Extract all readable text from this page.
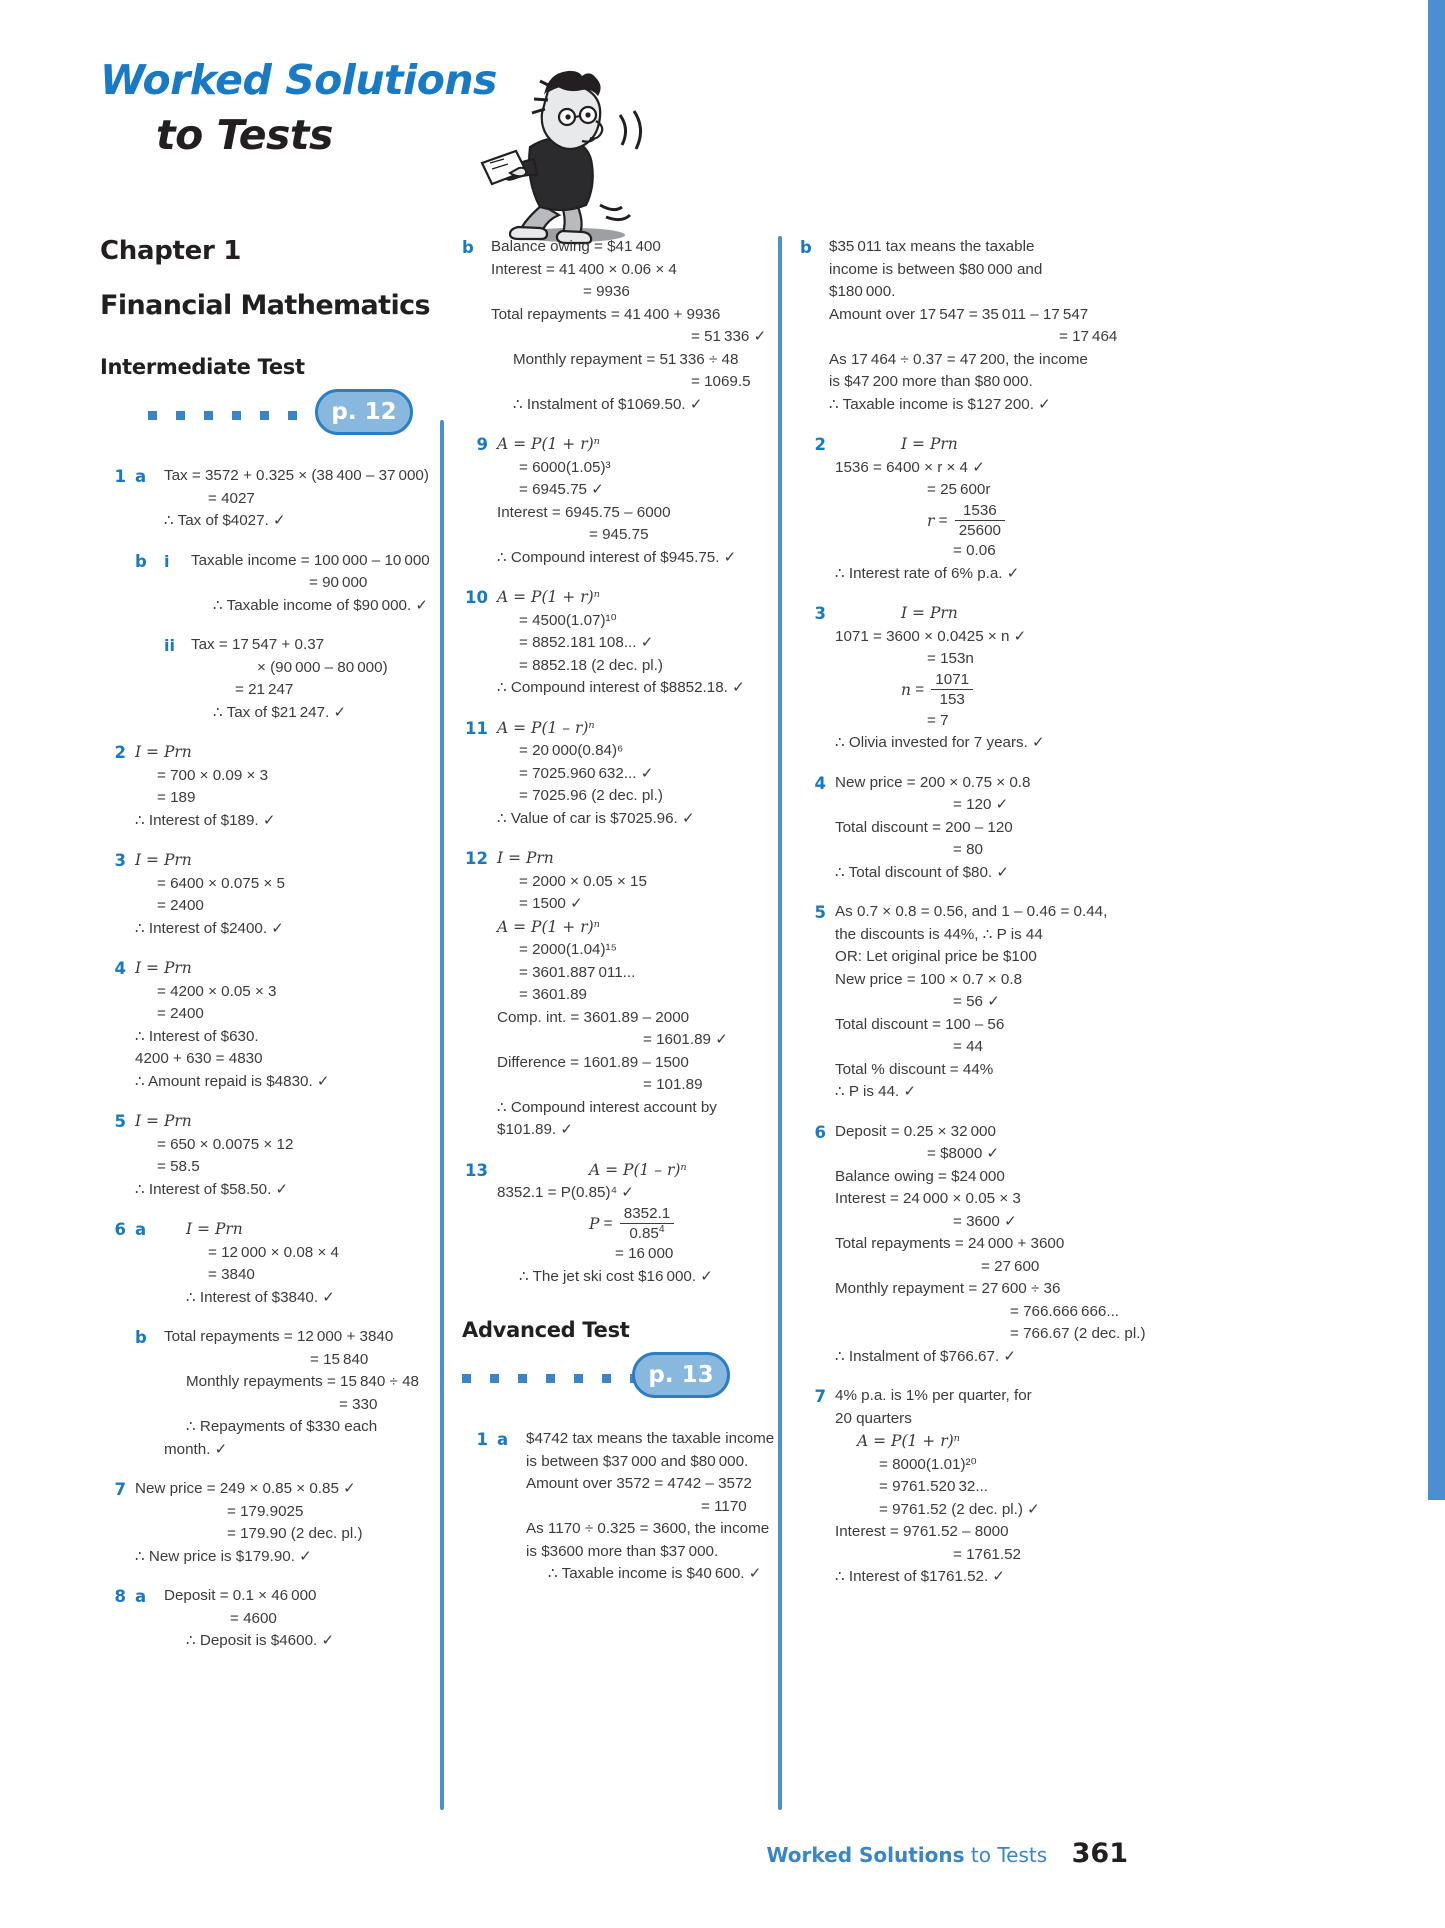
Worked Solutions
to Tests
Chapter 1
Financial Mathematics
Intermediate Test
p. 12
1 a	Tax = 3572 + 0.325 × (38 400 – 37 000)
= 4027
∴ Tax of $4027. ✓
b	i	Taxable income = 100 000 – 10 000
= 90 000
∴ Taxable income of $90 000. ✓
ii	Tax = 17 547 + 0.37
× (90 000 – 80 000)
= 21 247
∴ Tax of $21 247. ✓
2 I = Prn
= 700 × 0.09 × 3
= 189
∴ Interest of $189. ✓
3 I = Prn
= 6400 × 0.075 × 5
= 2400
∴ Interest of $2400. ✓
4 I = Prn
= 4200 × 0.05 × 3
= 2400
∴ Interest of $630.
4200 + 630 = 4830
∴ Amount repaid is $4830. ✓
5 I = Prn
= 650 × 0.0075 × 12
= 58.5
∴ Interest of $58.50. ✓
6 a	I = Prn
= 12 000 × 0.08 × 4
= 3840
∴ Interest of $3840. ✓
b	Total repayments = 12 000 + 3840
= 15 840
Monthly repayments = 15 840 ÷ 48
= 330
∴ Repayments of $330 each
month. ✓
7 New price = 249 × 0.85 × 0.85 ✓
= 179.9025
= 179.90 (2 dec. pl.)
∴ New price is $179.90. ✓
8 a	Deposit = 0.1 × 46 000
= 4600
∴ Deposit is $4600. ✓
b	Balance owing = $41 400
Interest = 41 400 × 0.06 × 4
= 9936
Total repayments = 41 400 + 9936
= 51 336 ✓
Monthly repayment = 51 336 ÷ 48
= 1069.5
∴ Instalment of $1069.50. ✓
9 A = P(1 + r)ⁿ
= 6000(1.05)³
= 6945.75 ✓
Interest = 6945.75 – 6000
= 945.75
∴ Compound interest of $945.75. ✓
10 A = P(1 + r)ⁿ
= 4500(1.07)¹⁰
= 8852.181 108... ✓
= 8852.18 (2 dec. pl.)
∴ Compound interest of $8852.18. ✓
11 A = P(1 – r)ⁿ
= 20 000(0.84)⁶
= 7025.960 632... ✓
= 7025.96 (2 dec. pl.)
∴ Value of car is $7025.96. ✓
12 I = Prn
= 2000 × 0.05 × 15
= 1500 ✓
A = P(1 + r)ⁿ
= 2000(1.04)¹⁵
= 3601.887 011...
= 3601.89
Comp. int. = 3601.89 – 2000
= 1601.89 ✓
Difference = 1601.89 – 1500
= 101.89
∴ Compound interest account by
$101.89. ✓
13	A = P(1 – r)ⁿ
8352.1 = P(0.85)⁴ ✓

$P = \frac{8352.1}{0.85^4}$

= 16 000
∴ The jet ski cost $16 000. ✓
Advanced Test
p. 13
1 a	$4742 tax means the taxable income
is between $37 000 and $80 000.
Amount over 3572 = 4742 – 3572
= 1170
As 1170 ÷ 0.325 = 3600, the income
is $3600 more than $37 000.
∴ Taxable income is $40 600. ✓
b	$35 011 tax means the taxable
income is between $80 000 and
$180 000.
Amount over 17 547 = 35 011 – 17 547
= 17 464
As 17 464 ÷ 0.37 = 47 200, the income
is $47 200 more than $80 000.
∴ Taxable income is $127 200. ✓
2	I = Prn
1536 = 6400 × r × 4 ✓
= 25 600r

$r = \frac{1536}{25600}$

= 0.06
∴ Interest rate of 6% p.a. ✓
3	I = Prn
1071 = 3600 × 0.0425 × n ✓
= 153n

$n = \frac{1071}{153}$

= 7
∴ Olivia invested for 7 years. ✓
4 New price = 200 × 0.75 × 0.8
= 120 ✓
Total discount = 200 – 120
= 80
∴ Total discount of $80. ✓
5 As 0.7 × 0.8 = 0.56, and 1 – 0.46 = 0.44,
the discounts is 44%, ∴ P is 44
OR: Let original price be $100
New price = 100 × 0.7 × 0.8
= 56 ✓
Total discount = 100 – 56
= 44
Total % discount = 44%
∴ P is 44. ✓
6 Deposit = 0.25 × 32 000
= $8000 ✓
Balance owing = $24 000
Interest = 24 000 × 0.05 × 3
= 3600 ✓
Total repayments = 24 000 + 3600
= 27 600
Monthly repayment = 27 600 ÷ 36
= 766.666 666...
= 766.67 (2 dec. pl.)
∴ Instalment of $766.67. ✓
7 4% p.a. is 1% per quarter, for
20 quarters
A = P(1 + r)ⁿ
= 8000(1.01)²⁰
= 9761.520 32...
= 9761.52 (2 dec. pl.) ✓
Interest = 9761.52 – 8000
= 1761.52
∴ Interest of $1761.52. ✓
Worked Solutions to Tests 361
